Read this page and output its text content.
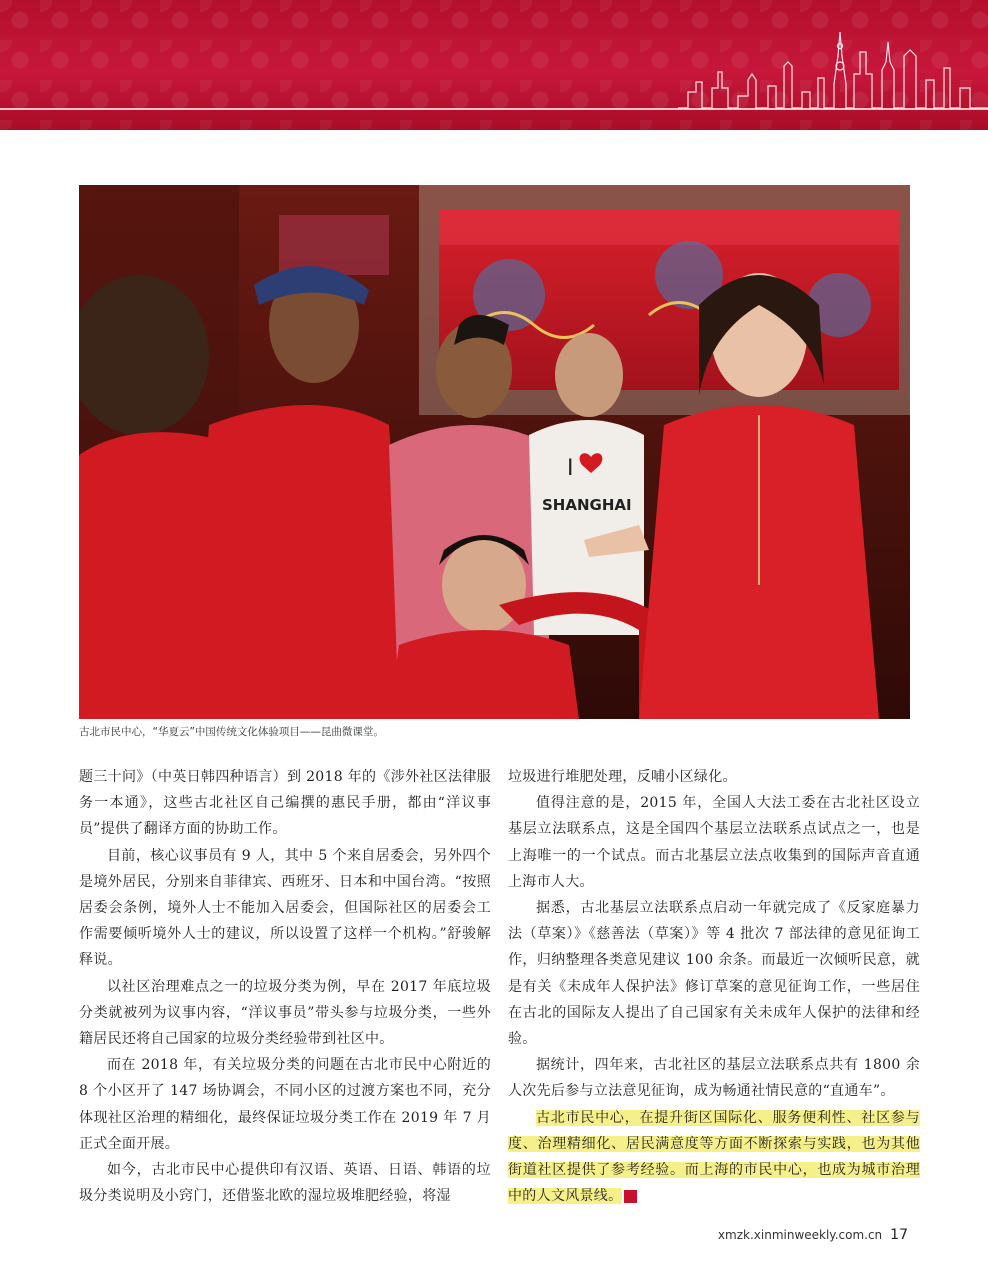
I
SHANGHAI
古北市民中心，“华夏云”中国传统文化体验项目——昆曲微课堂。

题三十问》（中英日韩四种语言）到 2018 年的《涉外社区法律服务一本通》，这些古北社区自己编撰的惠民手册，都由“洋议事员”提供了翻译方面的协助工作。

目前，核心议事员有 9 人，其中 5 个来自居委会，另外四个是境外居民，分别来自菲律宾、西班牙、日本和中国台湾。“按照居委会条例，境外人士不能加入居委会，但国际社区的居委会工作需要倾听境外人士的建议，所以设置了这样一个机构。”舒骏解释说。

以社区治理难点之一的垃圾分类为例，早在 2017 年底垃圾分类就被列为议事内容，“洋议事员”带头参与垃圾分类，一些外籍居民还将自己国家的垃圾分类经验带到社区中。

而在 2018 年，有关垃圾分类的问题在古北市民中心附近的 8 个小区开了 147 场协调会，不同小区的过渡方案也不同，充分体现社区治理的精细化，最终保证垃圾分类工作在 2019 年 7 月正式全面开展。

如今，古北市民中心提供印有汉语、英语、日语、韩语的垃圾分类说明及小窍门，还借鉴北欧的湿垃圾堆肥经验，将湿

垃圾进行堆肥处理，反哺小区绿化。

值得注意的是，2015 年，全国人大法工委在古北社区设立基层立法联系点，这是全国四个基层立法联系点试点之一，也是上海唯一的一个试点。而古北基层立法点收集到的国际声音直通上海市人大。

据悉，古北基层立法联系点启动一年就完成了《反家庭暴力法（草案）》《慈善法（草案）》等 4 批次 7 部法律的意见征询工作，归纳整理各类意见建议 100 余条。而最近一次倾听民意，就是有关《未成年人保护法》修订草案的意见征询工作，一些居住在古北的国际友人提出了自己国家有关未成年人保护的法律和经验。

据统计，四年来，古北社区的基层立法联系点共有 1800 余人次先后参与立法意见征询，成为畅通社情民意的“直通车”。

古北市民中心，在提升街区国际化、服务便利性、社区参与度、治理精细化、居民满意度等方面不断探索与实践，也为其他街道社区提供了参考经验。而上海的市民中心，也成为城市治理中的人文风景线。	民

xmzk.xinminweekly.com.cn 17
